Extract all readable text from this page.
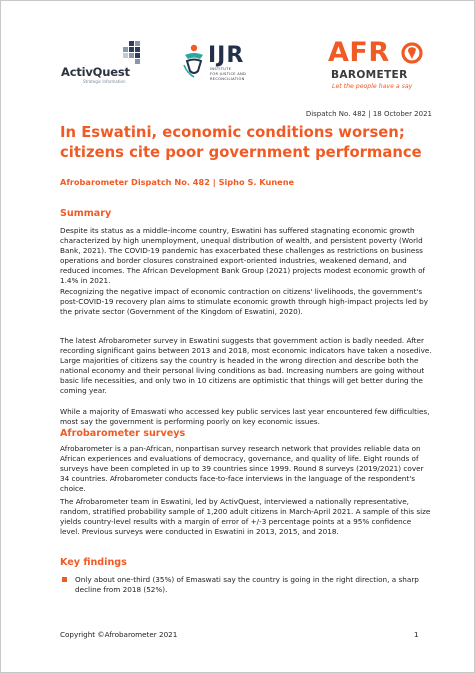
ActivQuest
Strategic Information
IJR
INSTITUTE
FOR JUSTICE AND
RECONCILIATION
AFR
BAROMETER
Let the people have a say
Dispatch No. 482 | 18 October 2021
In Eswatini, economic conditions worsen;
citizens cite poor government performance
Afrobarometer Dispatch No. 482 | Sipho S. Kunene
Summary

Despite its status as a middle-income country, Eswatini has suffered stagnating economic growth characterized by high unemployment, unequal distribution of wealth, and persistent poverty (World Bank, 2021). The COVID-19 pandemic has exacerbated these challenges as restrictions on business operations and border closures constrained export-oriented industries, weakened demand, and reduced incomes. The African Development Bank Group (2021) projects modest economic growth of 1.4% in 2021.

Recognizing the negative impact of economic contraction on citizens' livelihoods, the government's post-COVID-19 recovery plan aims to stimulate economic growth through high-impact projects led by the private sector (Government of the Kingdom of Eswatini, 2020).

The latest Afrobarometer survey in Eswatini suggests that government action is badly needed. After recording significant gains between 2013 and 2018, most economic indicators have taken a nosedive. Large majorities of citizens say the country is headed in the wrong direction and describe both the national economy and their personal living conditions as bad. Increasing numbers are going without basic life necessities, and only two in 10 citizens are optimistic that things will get better during the coming year.

While a majority of Emaswati who accessed key public services last year encountered few difficulties, most say the government is performing poorly on key economic issues.

Afrobarometer surveys

Afrobarometer is a pan-African, nonpartisan survey research network that provides reliable data on African experiences and evaluations of democracy, governance, and quality of life. Eight rounds of surveys have been completed in up to 39 countries since 1999. Round 8 surveys (2019/2021) cover 34 countries. Afrobarometer conducts face-to-face interviews in the language of the respondent's choice.

The Afrobarometer team in Eswatini, led by ActivQuest, interviewed a nationally representative, random, stratified probability sample of 1,200 adult citizens in March-April 2021. A sample of this size yields country-level results with a margin of error of +/-3 percentage points at a 95% confidence level. Previous surveys were conducted in Eswatini in 2013, 2015, and 2018.

Key findings

Only about one-third (35%) of Emaswati say the country is going in the right direction, a sharp decline from 2018 (52%).

Copyright ©Afrobarometer 2021	1
